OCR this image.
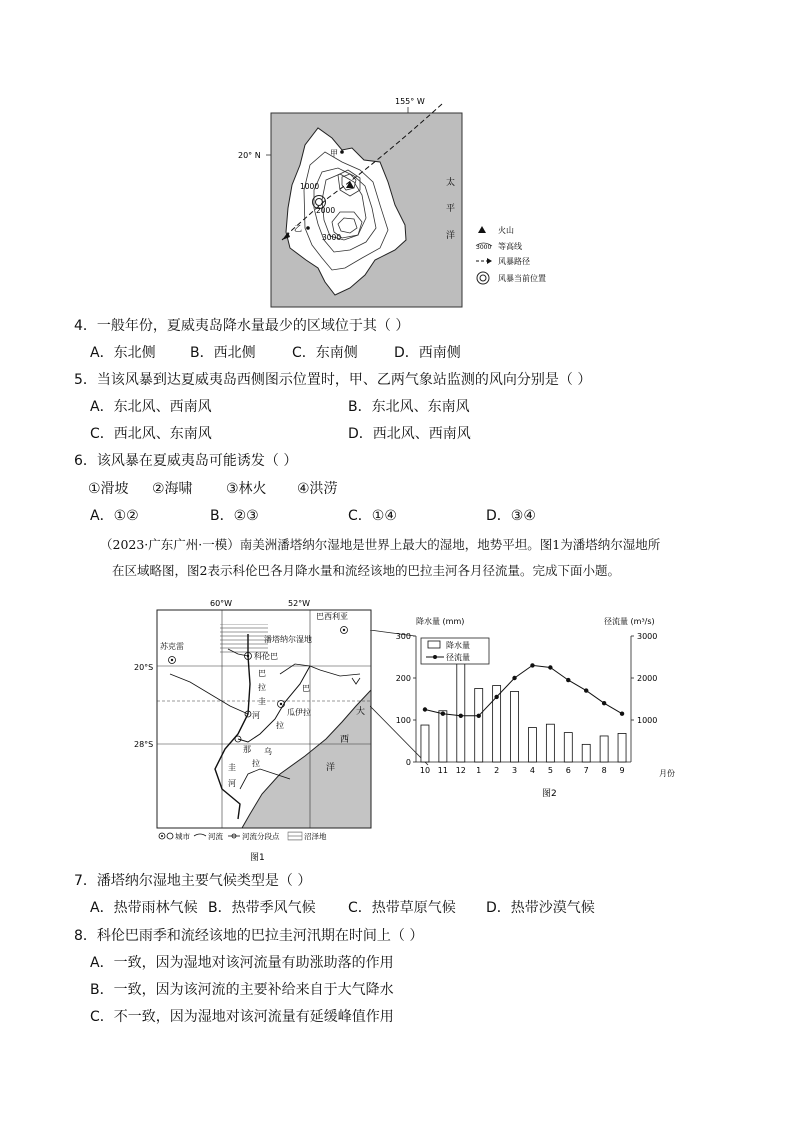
155° W
20° N	甲
乙
1000
2000
3000
太
平
洋
火山
3000 等高线
风暴路径
风暴当前位置
4．一般年份，夏威夷岛降水量最少的区域位于其（ ）
A．东北侧 B．西北侧	C．东南侧	D．西南侧
5．当该风暴到达夏威夷岛西侧图示位置时，甲、乙两气象站监测的风向分别是（ ）
A．东北风、西南风	B．东北风、东南风
C．西北风、东南风	D．西北风、西南风
6．该风暴在夏威夷岛可能诱发（ ）
①滑坡 ②海啸 ③林火 ④洪涝
A．①②	B．②③	C．①④	D．③④
（2023·广东广州·一模）南美洲潘塔纳尔湿地是世界上最大的湿地，地势平坦。图1为潘塔纳尔湿地所
在区域略图，图2表示科伦巴各月降水量和流经该地的巴拉圭河各月径流量。完成下面小题。
60°W	52°W
20°S
28°S
潘塔纳尔湿地
巴西利亚
苏克雷
科伦巴
瓜伊拉
巴
拉
圭
河
巴
拉
那 乌
拉
圭
河
大
西
洋
城市 河流	河流分段点	沼泽地
图1
降水量 (mm)	径流量 (m³/s)
0
100
200
300
1000
2000
3000
10 11 12 1 2 3 4 5 6 7 8 9	月份
图2
降水量
径流量
7．潘塔纳尔湿地主要气候类型是（ ）
A．热带雨林气候 B．热带季风气候 C．热带草原气候 D．热带沙漠气候
8．科伦巴雨季和流经该地的巴拉圭河汛期在时间上（ ）
A．一致，因为湿地对该河流量有助涨助落的作用
B．一致，因为该河流的主要补给来自于大气降水
C．不一致，因为湿地对该河流量有延缓峰值作用
